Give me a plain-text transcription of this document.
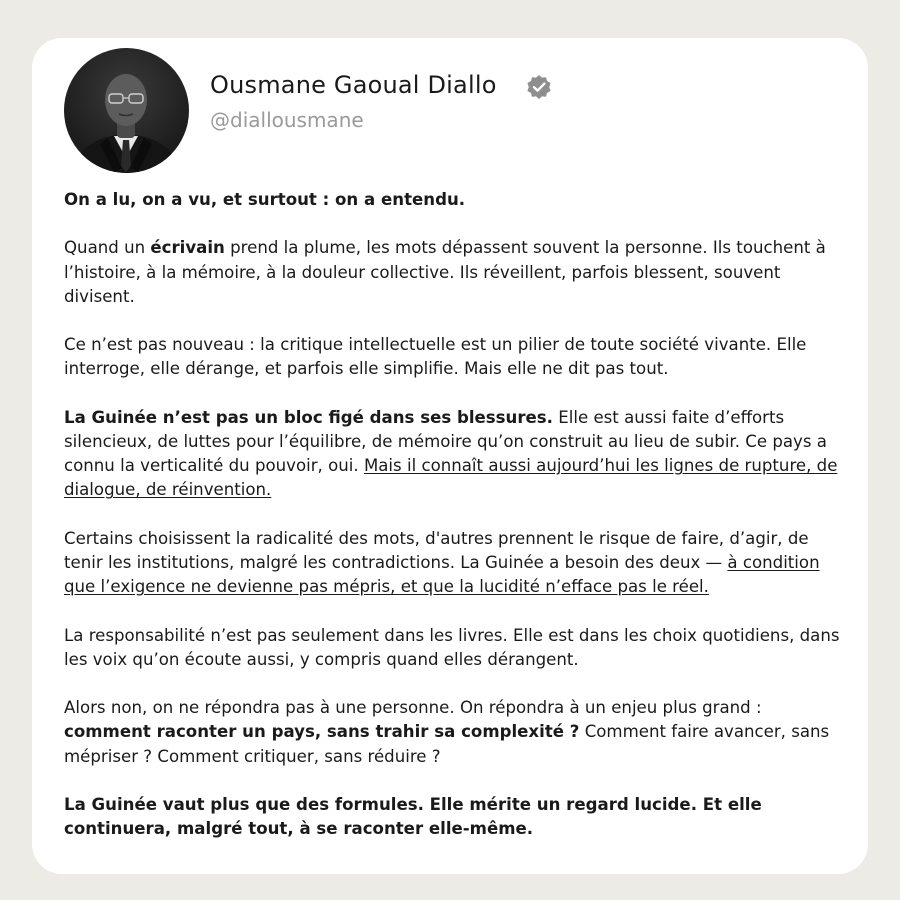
Ousmane Gaoual Diallo
@diallousmane

On a lu, on a vu, et surtout : on a entendu.

Quand un écrivain prend la plume, les mots dépassent souvent la personne. Ils touchent à l’histoire, à la mémoire, à la douleur collective. Ils réveillent, parfois blessent, souvent divisent.

Ce n’est pas nouveau : la critique intellectuelle est un pilier de toute société vivante. Elle interroge, elle dérange, et parfois elle simplifie. Mais elle ne dit pas tout.

La Guinée n’est pas un bloc figé dans ses blessures. Elle est aussi faite d’efforts silencieux, de luttes pour l’équilibre, de mémoire qu’on construit au lieu de subir. Ce pays a connu la verticalité du pouvoir, oui. Mais il connaît aussi aujourd’hui les lignes de rupture, de dialogue, de réinvention.

Certains choisissent la radicalité des mots, d'autres prennent le risque de faire, d’agir, de tenir les institutions, malgré les contradictions. La Guinée a besoin des deux — à condition que l’exigence ne devienne pas mépris, et que la lucidité n’efface pas le réel.

La responsabilité n’est pas seulement dans les livres. Elle est dans les choix quotidiens, dans les voix qu’on écoute aussi, y compris quand elles dérangent.

Alors non, on ne répondra pas à une personne. On répondra à un enjeu plus grand : comment raconter un pays, sans trahir sa complexité ? Comment faire avancer, sans mépriser ? Comment critiquer, sans réduire ?

La Guinée vaut plus que des formules. Elle mérite un regard lucide. Et elle continuera, malgré tout, à se raconter elle-même.
